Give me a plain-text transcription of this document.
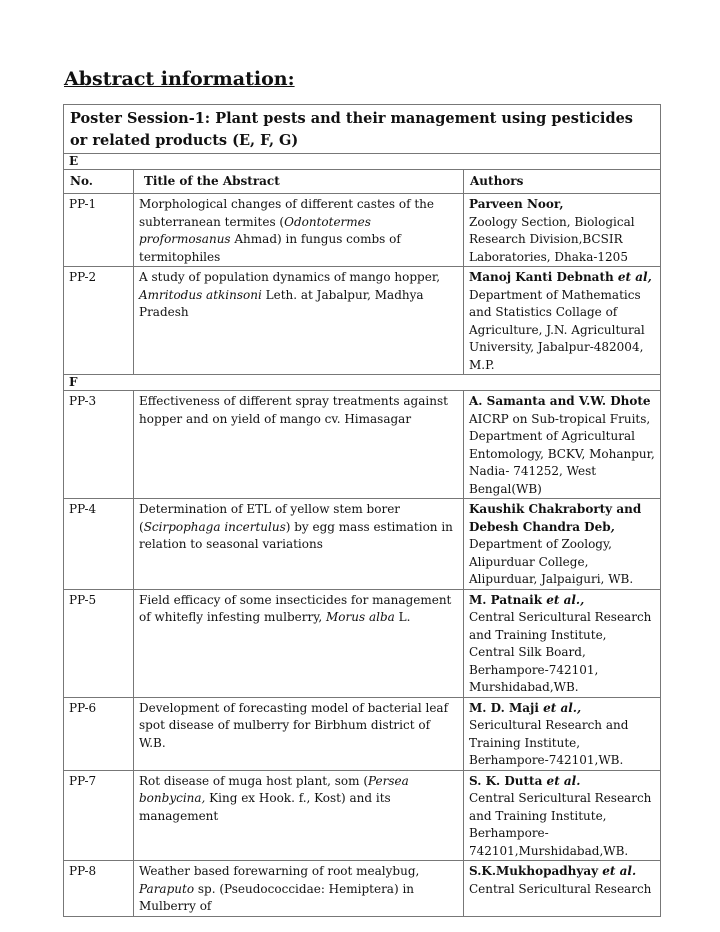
Abstract information:
Poster Session-1: Plant pests and their management using pesticides or related products (E, F, G)		
E		
No.	Title of the Abstract	Authors
PP-1	Morphological changes of different castes of the subterranean termites (Odontotermes proformosanus Ahmad) in fungus combs of termitophiles	Parveen Noor,
Zoology Section, Biological Research Division,BCSIR Laboratories, Dhaka-1205
PP-2	A study of population dynamics of mango hopper, Amritodus atkinsoni Leth. at Jabalpur, Madhya Pradesh	Manoj Kanti Debnath et al,
Department of Mathematics and Statistics Collage of Agriculture, J.N. Agricultural University, Jabalpur-482004, M.P.
F		
PP-3	Effectiveness of different spray treatments against hopper and on yield of mango cv. Himasagar	A. Samanta and V.W. Dhote
AICRP on Sub-tropical Fruits, Department of Agricultural Entomology, BCKV, Mohanpur, Nadia- 741252, West Bengal(WB)
PP-4	Determination of ETL of yellow stem borer (Scirpophaga incertulus) by egg mass estimation in relation to seasonal variations	Kaushik Chakraborty and Debesh Chandra Deb,
Department of Zoology, Alipurduar College, Alipurduar, Jalpaiguri, WB.
PP-5	Field efficacy of some insecticides for management of whitefly infesting mulberry, Morus alba L.	M. Patnaik et al.,
Central Sericultural Research and Training Institute, Central Silk Board, Berhampore-742101, Murshidabad,WB.
PP-6	Development of forecasting model of bacterial leaf spot disease of mulberry for Birbhum district of W.B.	M. D. Maji et al.,
Sericultural Research and Training Institute, Berhampore-742101,WB.
PP-7	Rot disease of muga host plant, som (Persea bonbycina, King ex Hook. f., Kost) and its management	S. K. Dutta et al.
Central Sericultural Research and Training Institute, Berhampore-742101,Murshidabad,WB.
PP-8	Weather based forewarning of root mealybug, Paraputo sp. (Pseudococcidae: Hemiptera) in Mulberry of	S.K.Mukhopadhyay et al.
Central Sericultural Research
